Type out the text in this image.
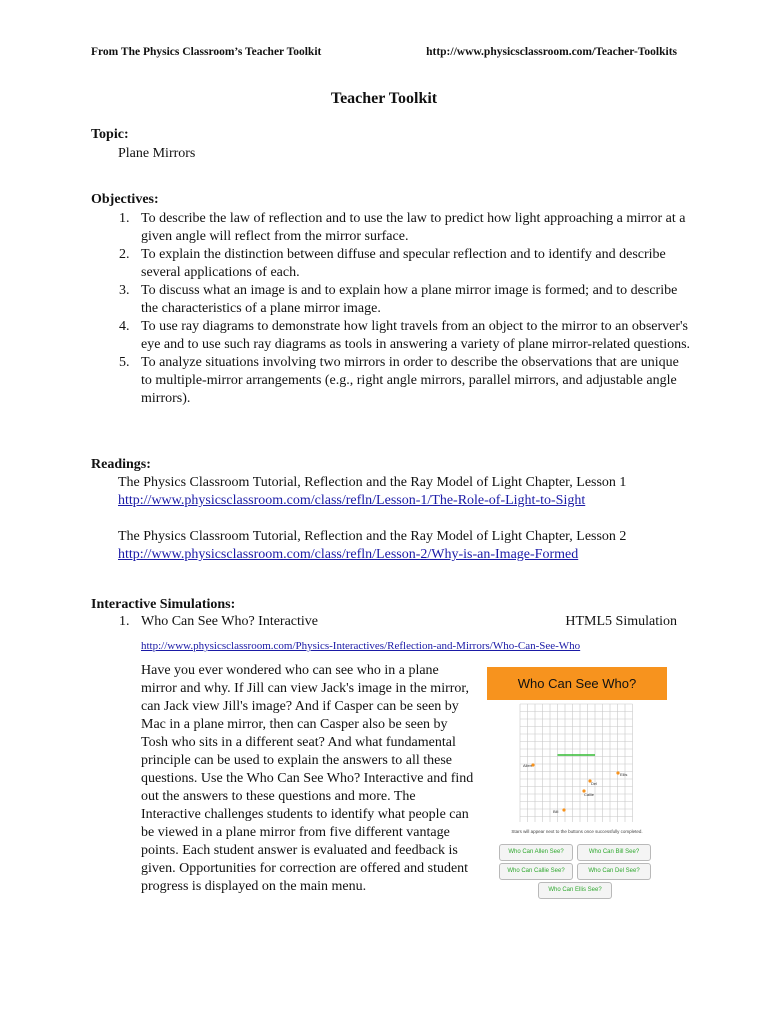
From The Physics Classroom’s Teacher Toolkit	http://www.physicsclassroom.com/Teacher-Toolkits
Teacher Toolkit
Topic:
Plane Mirrors
Objectives:
1. To describe the law of reflection and to use the law to predict how light approaching a mirror at a given angle will reflect from the mirror surface.
2. To explain the distinction between diffuse and specular reflection and to identify and describe several applications of each.
3. To discuss what an image is and to explain how a plane mirror image is formed; and to describe the characteristics of a plane mirror image.
4. To use ray diagrams to demonstrate how light travels from an object to the mirror to an observer's eye and to use such ray diagrams as tools in answering a variety of plane mirror-related questions.
5. To analyze situations involving two mirrors in order to describe the observations that are unique to multiple-mirror arrangements (e.g., right angle mirrors, parallel mirrors, and adjustable angle mirrors).
Readings:
The Physics Classroom Tutorial, Reflection and the Ray Model of Light Chapter, Lesson 1
http://www.physicsclassroom.com/class/refln/Lesson-1/The-Role-of-Light-to-Sight
The Physics Classroom Tutorial, Reflection and the Ray Model of Light Chapter, Lesson 2
http://www.physicsclassroom.com/class/refln/Lesson-2/Why-is-an-Image-Formed
Interactive Simulations:
1. Who Can See Who? Interactive	HTML5 Simulation
http://www.physicsclassroom.com/Physics-Interactives/Reflection-and-Mirrors/Who-Can-See-Who
Have you ever wondered who can see who in a plane mirror and why. If Jill can view Jack's image in the mirror, can Jack view Jill's image? And if Casper can be seen by Mac in a plane mirror, then can Casper also be seen by Tosh who sits in a different seat? And what fundamental principle can be used to explain the answers to all these questions. Use the Who Can See Who? Interactive and find out the answers to these questions and more. The Interactive challenges students to identify what people can be viewed in a plane mirror from five different vantage points. Each student answer is evaluated and feedback is given. Opportunities for correction are offered and student progress is displayed on the main menu.
Who Can See Who?
Allen
Ellis
Del
Callie
Bill
Stars will appear next to the buttons once successfully completed.
Who Can Allen See?	Who Can Bill See?
Who Can Callie See?	Who Can Del See?
Who Can Ellis See?
